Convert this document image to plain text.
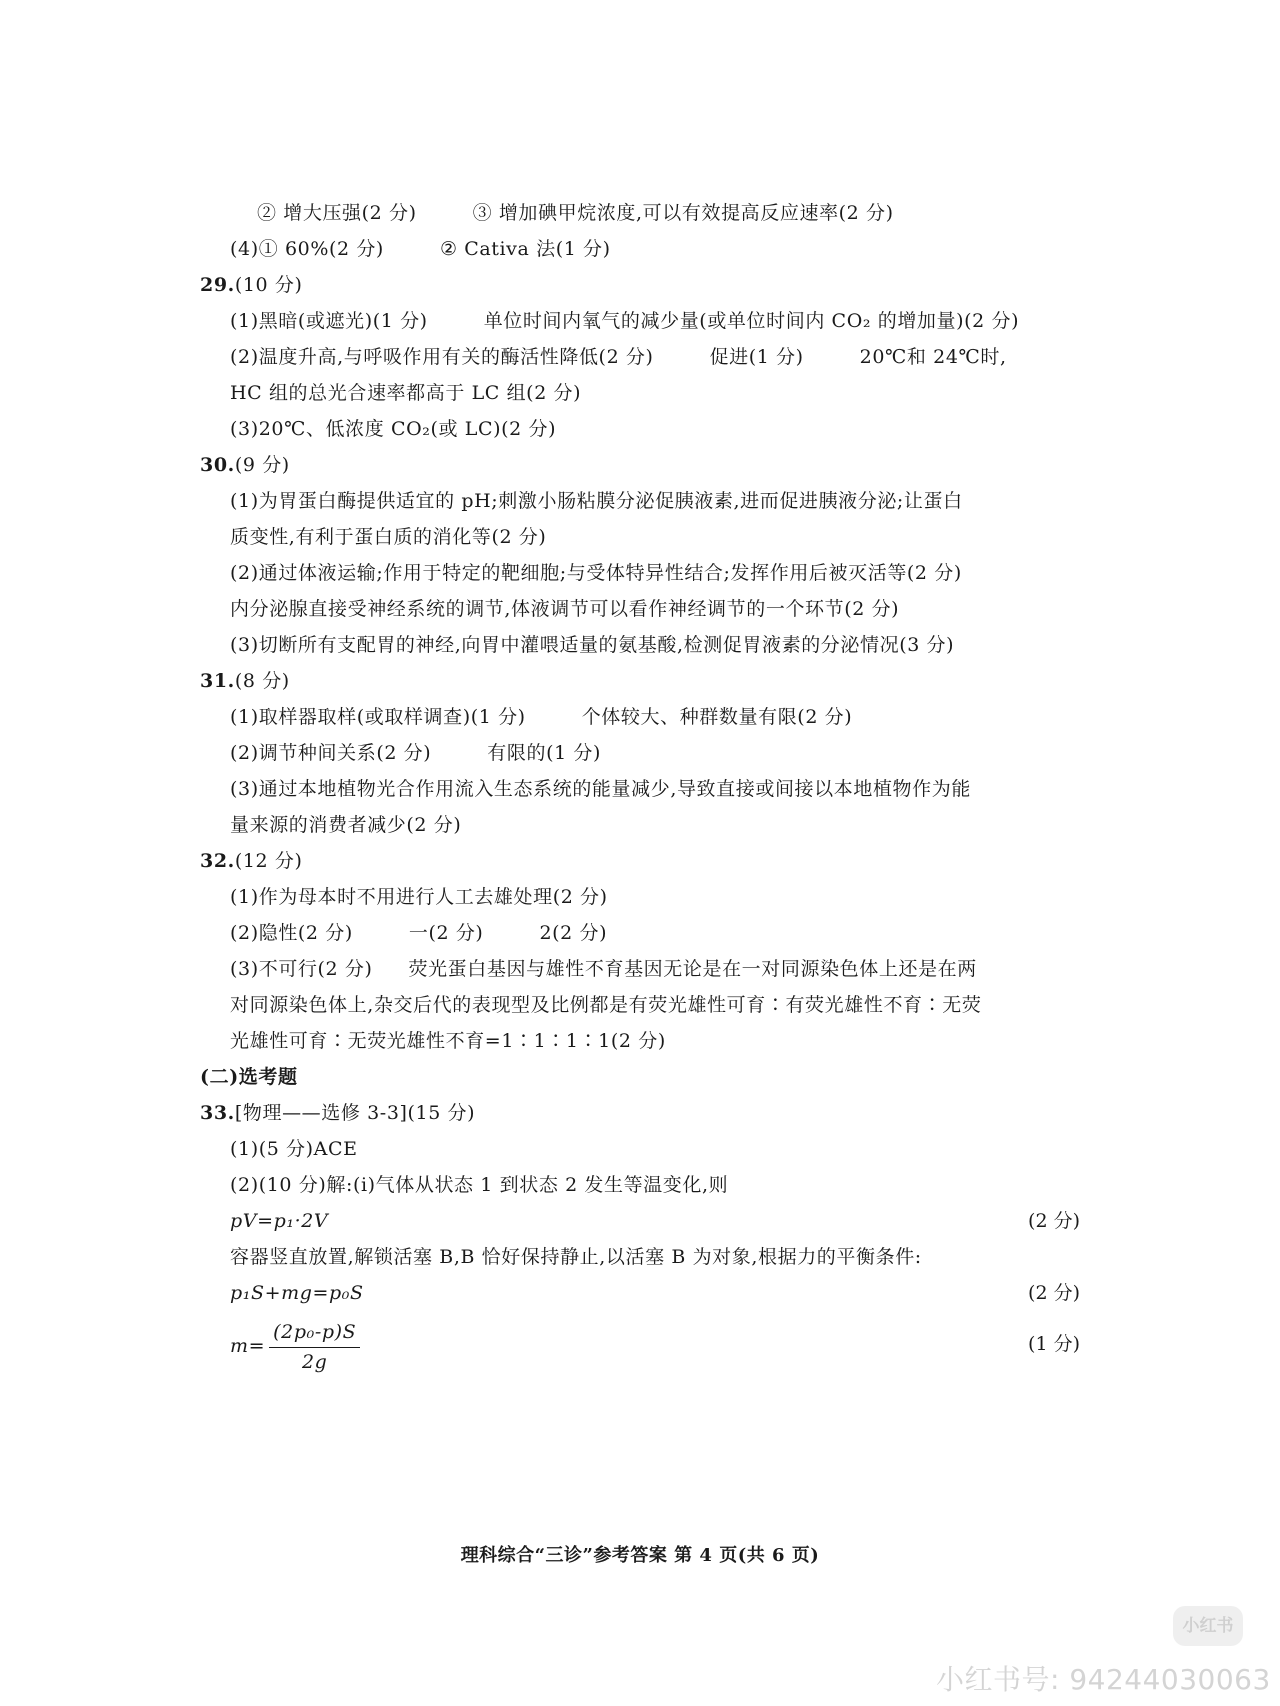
② 增大压强(2 分)	③ 增加碘甲烷浓度,可以有效提高反应速率(2 分)
(4)① 60%(2 分)	② Cativa 法(1 分)
29.(10 分)
(1)黑暗(或遮光)(1 分)	单位时间内氧气的减少量(或单位时间内 CO₂ 的增加量)(2 分)
(2)温度升高,与呼吸作用有关的酶活性降低(2 分)	促进(1 分)	20℃和 24℃时,
HC 组的总光合速率都高于 LC 组(2 分)
(3)20℃、低浓度 CO₂(或 LC)(2 分)
30.(9 分)
(1)为胃蛋白酶提供适宜的 pH;刺激小肠粘膜分泌促胰液素,进而促进胰液分泌;让蛋白
质变性,有利于蛋白质的消化等(2 分)
(2)通过体液运输;作用于特定的靶细胞;与受体特异性结合;发挥作用后被灭活等(2 分)
内分泌腺直接受神经系统的调节,体液调节可以看作神经调节的一个环节(2 分)
(3)切断所有支配胃的神经,向胃中灌喂适量的氨基酸,检测促胃液素的分泌情况(3 分)
31.(8 分)
(1)取样器取样(或取样调查)(1 分)	个体较大、种群数量有限(2 分)
(2)调节种间关系(2 分)	有限的(1 分)
(3)通过本地植物光合作用流入生态系统的能量减少,导致直接或间接以本地植物作为能
量来源的消费者减少(2 分)
32.(12 分)
(1)作为母本时不用进行人工去雄处理(2 分)
(2)隐性(2 分)	一(2 分)	2(2 分)
(3)不可行(2 分) 荧光蛋白基因与雄性不育基因无论是在一对同源染色体上还是在两
对同源染色体上,杂交后代的表现型及比例都是有荧光雄性可育∶有荧光雄性不育∶无荧
光雄性可育∶无荧光雄性不育=1∶1∶1∶1(2 分)
(二)选考题
33.[物理——选修 3-3](15 分)
(1)(5 分)ACE
(2)(10 分)解:(i)气体从状态 1 到状态 2 发生等温变化,则
pV=p₁·2V	(2 分)
容器竖直放置,解锁活塞 B,B 恰好保持静止,以活塞 B 为对象,根据力的平衡条件:
p₁S+mg=p₀S	(2 分)
$m= \frac{\text{(2p₀-p)S}}{2g}$	(1 分)
理科综合“三诊”参考答案 第 4 页(共 6 页)
小红书
小红书号: 94244030063
